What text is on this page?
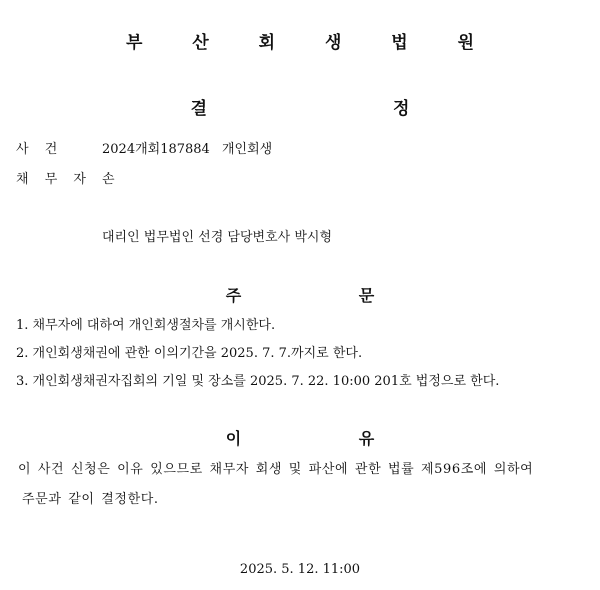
부 산 회 생 법 원
결 정
사 건	2024개회187884 개인회생
채 무 자 손
대리인 법무법인 선경 담당변호사 박시형
주 문
1. 채무자에 대하여 개인회생절차를 개시한다.
2. 개인회생채권에 관한 이의기간을 2025. 7. 7.까지로 한다.
3. 개인회생채권자집회의 기일 및 장소를 2025. 7. 22. 10:00 201호 법정으로 한다.
이 유
이 사건 신청은 이유 있으므로 채무자 회생 및 파산에 관한 법률 제596조에 의하여
주문과 같이 결정한다.
2025. 5. 12. 11:00
